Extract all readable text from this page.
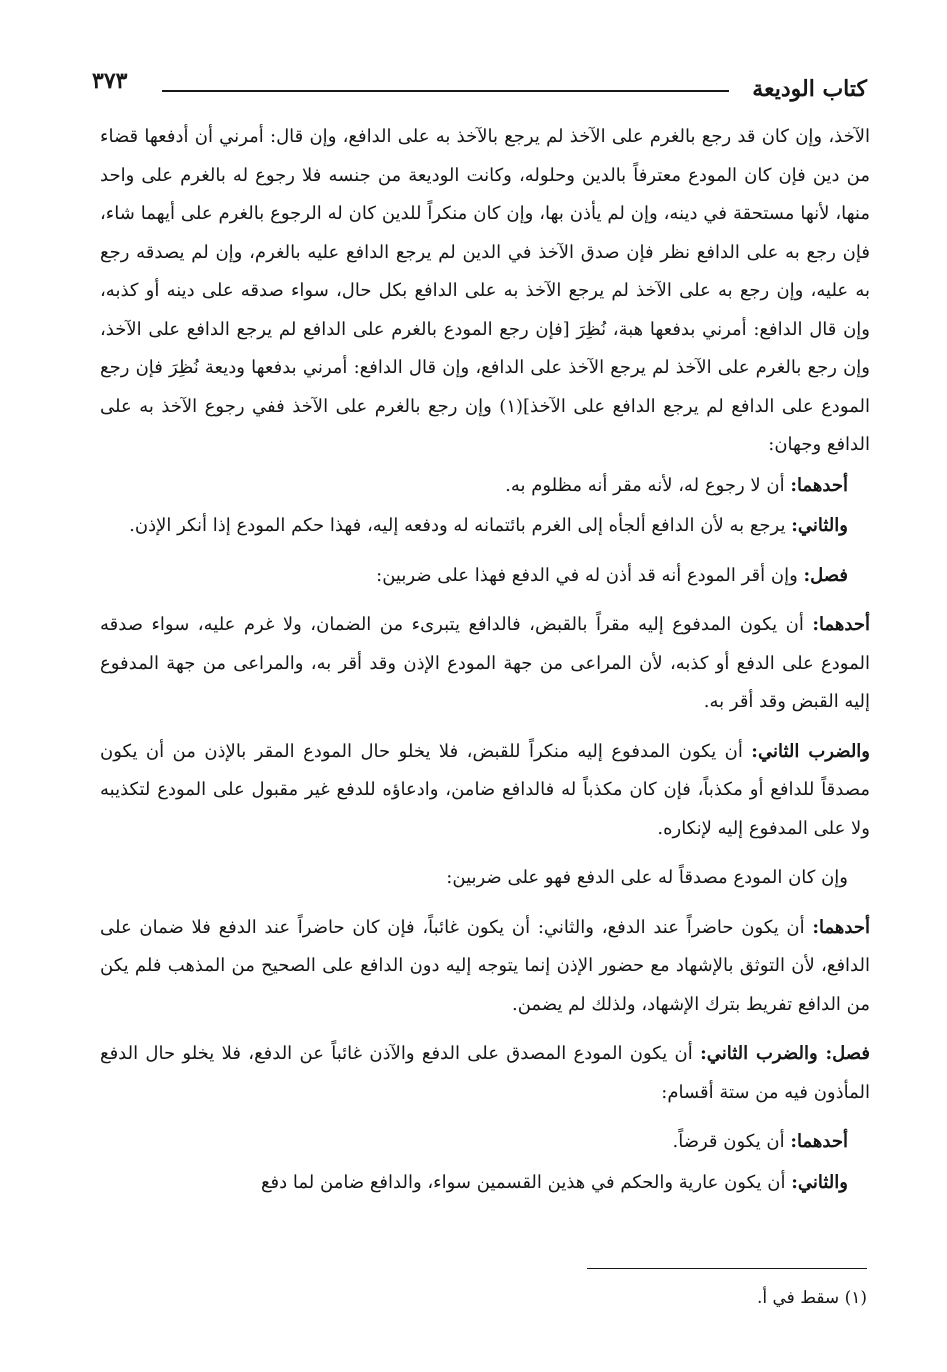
كتاب الوديعة
٣٧٣

الآخذ، وإن كان قد رجع بالغرم على الآخذ لم يرجع بالآخذ به على الدافع، وإن قال: أمرني أن أدفعها قضاء من دين فإن كان المودع معترفاً بالدين وحلوله، وكانت الوديعة من جنسه فلا رجوع له بالغرم على واحد منها، لأنها مستحقة في دينه، وإن لم يأذن بها، وإن كان منكراً للدين كان له الرجوع بالغرم على أيهما شاء، فإن رجع به على الدافع نظر فإن صدق الآخذ في الدين لم يرجع الدافع عليه بالغرم، وإن لم يصدقه رجع به عليه، وإن رجع به على الآخذ لم يرجع الآخذ به على الدافع بكل حال، سواء صدقه على دينه أو كذبه، وإن قال الدافع: أمرني بدفعها هبة، نُظِرَ [فإن رجع المودع بالغرم على الدافع لم يرجع الدافع على الآخذ، وإن رجع بالغرم على الآخذ لم يرجع الآخذ على الدافع، وإن قال الدافع: أمرني بدفعها وديعة نُظِرَ فإن رجع المودع على الدافع لم يرجع الدافع على الآخذ](١) وإن رجع بالغرم على الآخذ ففي رجوع الآخذ به على الدافع وجهان:

أحدهما: أن لا رجوع له، لأنه مقر أنه مظلوم به.

والثاني: يرجع به لأن الدافع ألجأه إلى الغرم بائتمانه له ودفعه إليه، فهذا حكم المودع إذا أنكر الإذن.

فصل: وإن أقر المودع أنه قد أذن له في الدفع فهذا على ضربين:

أحدهما: أن يكون المدفوع إليه مقراً بالقبض، فالدافع يتبرىء من الضمان، ولا غرم عليه، سواء صدقه المودع على الدفع أو كذبه، لأن المراعى من جهة المودع الإذن وقد أقر به، والمراعى من جهة المدفوع إليه القبض وقد أقر به.

والضرب الثاني: أن يكون المدفوع إليه منكراً للقبض، فلا يخلو حال المودع المقر بالإذن من أن يكون مصدقاً للدافع أو مكذباً، فإن كان مكذباً له فالدافع ضامن، وادعاؤه للدفع غير مقبول على المودع لتكذيبه ولا على المدفوع إليه لإنكاره.

وإن كان المودع مصدقاً له على الدفع فهو على ضربين:

أحدهما: أن يكون حاضراً عند الدفع، والثاني: أن يكون غائباً، فإن كان حاضراً عند الدفع فلا ضمان على الدافع، لأن التوثق بالإشهاد مع حضور الإذن إنما يتوجه إليه دون الدافع على الصحيح من المذهب فلم يكن من الدافع تفريط بترك الإشهاد، ولذلك لم يضمن.

فصل: والضرب الثاني: أن يكون المودع المصدق على الدفع والآذن غائباً عن الدفع، فلا يخلو حال الدفع المأذون فيه من ستة أقسام:

أحدهما: أن يكون قرضاً.

والثاني: أن يكون عارية والحكم في هذين القسمين سواء، والدافع ضامن لما دفع

(١) سقط في أ.
